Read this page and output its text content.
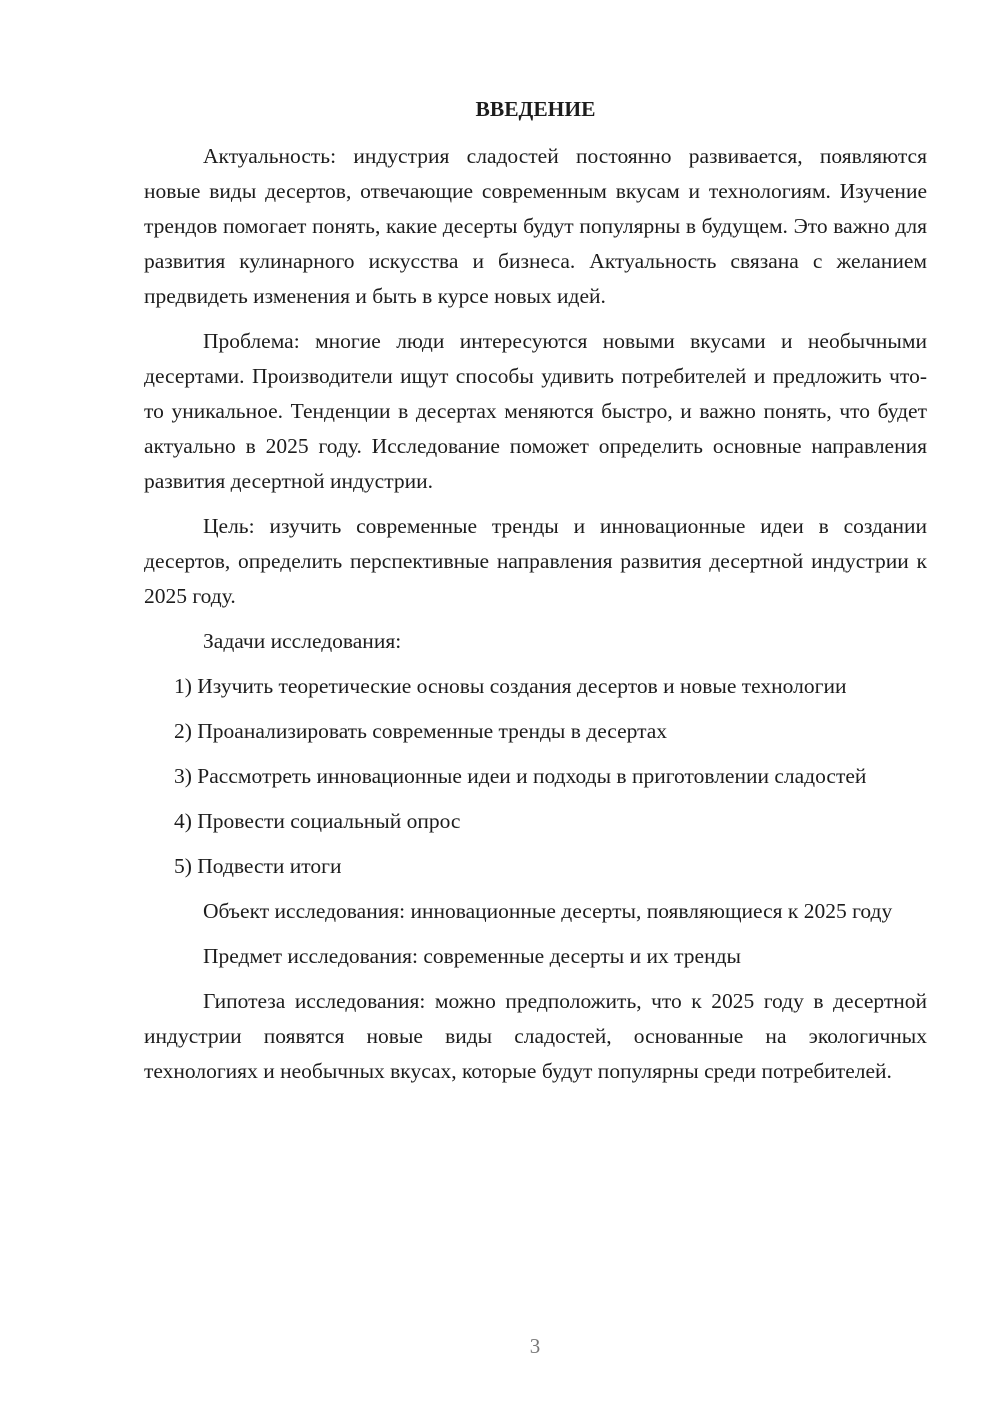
ВВЕДЕНИЕ

Актуальность: индустрия сладостей постоянно развивается, появляются новые виды десертов, отвечающие современным вкусам и технологиям. Изучение трендов помогает понять, какие десерты будут популярны в будущем. Это важно для развития кулинарного искусства и бизнеса. Актуальность связана с желанием предвидеть изменения и быть в курсе новых идей.

Проблема: многие люди интересуются новыми вкусами и необычными десертами. Производители ищут способы удивить потребителей и предложить что-то уникальное. Тенденции в десертах меняются быстро, и важно понять, что будет актуально в 2025 году. Исследование поможет определить основные направления развития десертной индустрии.

Цель: изучить современные тренды и инновационные идеи в создании десертов, определить перспективные направления развития десертной индустрии к 2025 году.

Задачи исследования:

1) Изучить теоретические основы создания десертов и новые технологии

2) Проанализировать современные тренды в десертах

3) Рассмотреть инновационные идеи и подходы в приготовлении сладостей

4) Провести социальный опрос

5) Подвести итоги

Объект исследования: инновационные десерты, появляющиеся к 2025 году

Предмет исследования: современные десерты и их тренды

Гипотеза исследования: можно предположить, что к 2025 году в десертной индустрии появятся новые виды сладостей, основанные на экологичных технологиях и необычных вкусах, которые будут популярны среди потребителей.

3
